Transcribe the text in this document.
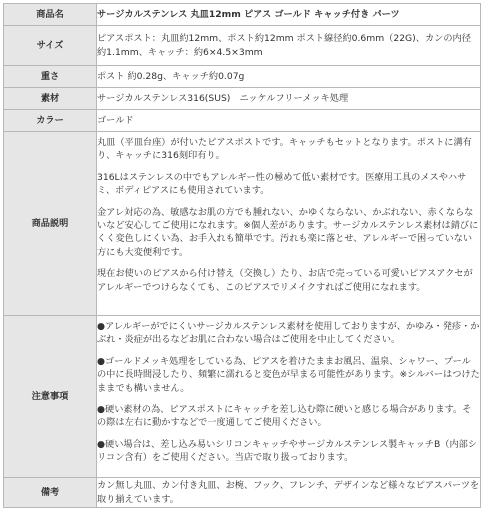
商品名	サージカルステンレス 丸皿12mm ピアス ゴールド キャッチ付き パーツ
サイズ	ピアスポスト：丸皿約12mm、ポスト約12mm ポスト線径約0.6mm（22G)、カンの内径約1.1mm、キャッチ：約6×4.5×3mm
重さ	ポスト 約0.28g、キャッチ約0.07g
素材	サージカルステンレス316(SUS)　ニッケルフリーメッキ処理
カラー	ゴールド
商品説明	丸皿（平皿台座）が付いたピアスポストです。キャッチもセットとなります。ポストに溝有り、キャッチに316刻印有り。

316Lはステンレスの中でもアレルギー性の極めて低い素材です。医療用工具のメスやハサミ、ボディピアスにも使用されています。

金アレ対応の為、敏感なお肌の方でも腫れない、かゆくならない、かぶれない、赤くならないなど安心してご使用になれます。※個人差があります。サージカルステンレス素材は錆びにくく変色しにくい為、お手入れも簡単です。汚れも楽に落とせ、アレルギーで困っていない方にも大変便利です。

現在お使いのピアスから付け替え（交換し）たり、お店で売っている可愛いピアスアクセがアレルギーでつけらなくても、このピアスでリメイクすればご使用になれます。

注意事項	●アレルギーがでにくいサージカルステンレス素材を使用しておりますが、かゆみ・発疹・かぶれ・炎症が出るなどお肌に合わない場合はご使用を中止してください。

●ゴールドメッキ処理をしている為、ピアスを着けたままお風呂、温泉、シャワー、プールの中に長時間浸したり、頻繁に濡れると変色が早まる可能性があります。※シルバーはつけたままでも構いません。

●硬い素材の為、ピアスポストにキャッチを差し込む際に硬いと感じる場合があります。その際は左右に動かすなどで一度通してご使用ください。

●硬い場合は、差し込み易いシリコンキャッチやサージカルステンレス製キャッチB（内部シリコン含有）をご使用ください。当店で取り扱っております。

備考	カン無し丸皿、カン付き丸皿、お椀、フック、フレンチ、デザインなど様々なピアスパーツを取り揃えています。
